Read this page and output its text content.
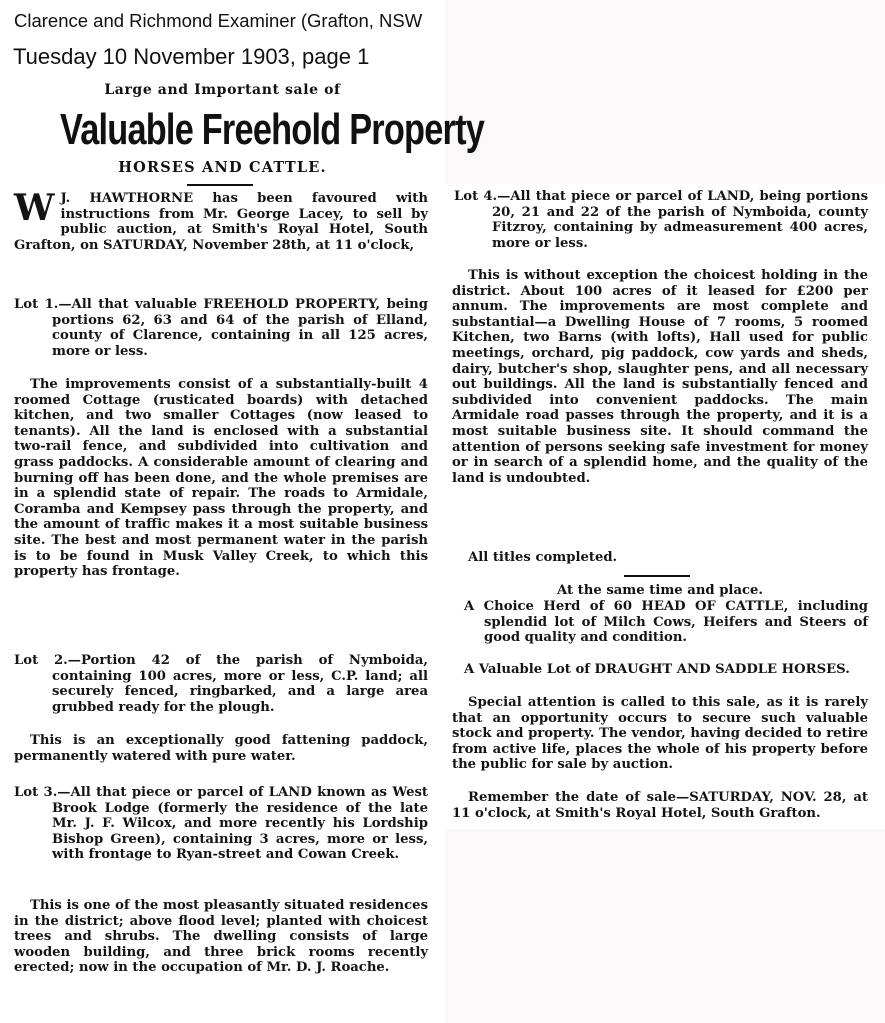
Clarence and Richmond Examiner (Grafton, NSW
Tuesday 10 November 1903, page 1
Large and Important sale of
Valuable Freehold Property
HORSES AND CATTLE.
W J. HAWTHORNE has been favoured with instructions from Mr. George Lacey, to sell by public auction, at Smith's Royal Hotel, South Grafton, on SATURDAY, November 28th, at 11 o'clock,
Lot 1.—All that valuable FREEHOLD PROPERTY, being portions 62, 63 and 64 of the parish of Elland, county of Clarence, containing in all 125 acres, more or less.
The improvements consist of a substantially-built 4 roomed Cottage (rusticated boards) with detached kitchen, and two smaller Cottages (now leased to tenants). All the land is enclosed with a substantial two-rail fence, and subdivided into cultivation and grass paddocks. A considerable amount of clearing and burning off has been done, and the whole premises are in a splendid state of repair. The roads to Armidale, Coramba and Kempsey pass through the property, and the amount of traffic makes it a most suitable business site. The best and most permanent water in the parish is to be found in Musk Valley Creek, to which this property has frontage.
Lot 2.—Portion 42 of the parish of Nymboida, containing 100 acres, more or less, C.P. land; all securely fenced, ringbarked, and a large area grubbed ready for the plough.
This is an exceptionally good fattening paddock, permanently watered with pure water.
Lot 3.—All that piece or parcel of LAND known as West Brook Lodge (formerly the residence of the late Mr. J. F. Wilcox, and more recently his Lordship Bishop Green), containing 3 acres, more or less, with frontage to Ryan-street and Cowan Creek.
This is one of the most pleasantly situated residences in the district; above flood level; planted with choicest trees and shrubs. The dwelling consists of large wooden building, and three brick rooms recently erected; now in the occupation of Mr. D. J. Roache.
Lot 4.—All that piece or parcel of LAND, being portions 20, 21 and 22 of the parish of Nymboida, county Fitzroy, containing by admeasurement 400 acres, more or less.
This is without exception the choicest holding in the district. About 100 acres of it leased for £200 per annum. The improvements are most complete and substantial—a Dwelling House of 7 rooms, 5 roomed Kitchen, two Barns (with lofts), Hall used for public meetings, orchard, pig paddock, cow yards and sheds, dairy, butcher's shop, slaughter pens, and all necessary out buildings. All the land is substantially fenced and subdivided into convenient paddocks. The main Armidale road passes through the property, and it is a most suitable business site. It should command the attention of persons seeking safe investment for money or in search of a splendid home, and the quality of the land is undoubted.
All titles completed.
At the same time and place.
A Choice Herd of 60 HEAD OF CATTLE, including splendid lot of Milch Cows, Heifers and Steers of good quality and condition.
A Valuable Lot of DRAUGHT AND SADDLE HORSES.
Special attention is called to this sale, as it is rarely that an opportunity occurs to secure such valuable stock and property. The vendor, having decided to retire from active life, places the whole of his property before the public for sale by auction.
Remember the date of sale—SATURDAY, NOV. 28, at 11 o'clock, at Smith's Royal Hotel, South Grafton.
